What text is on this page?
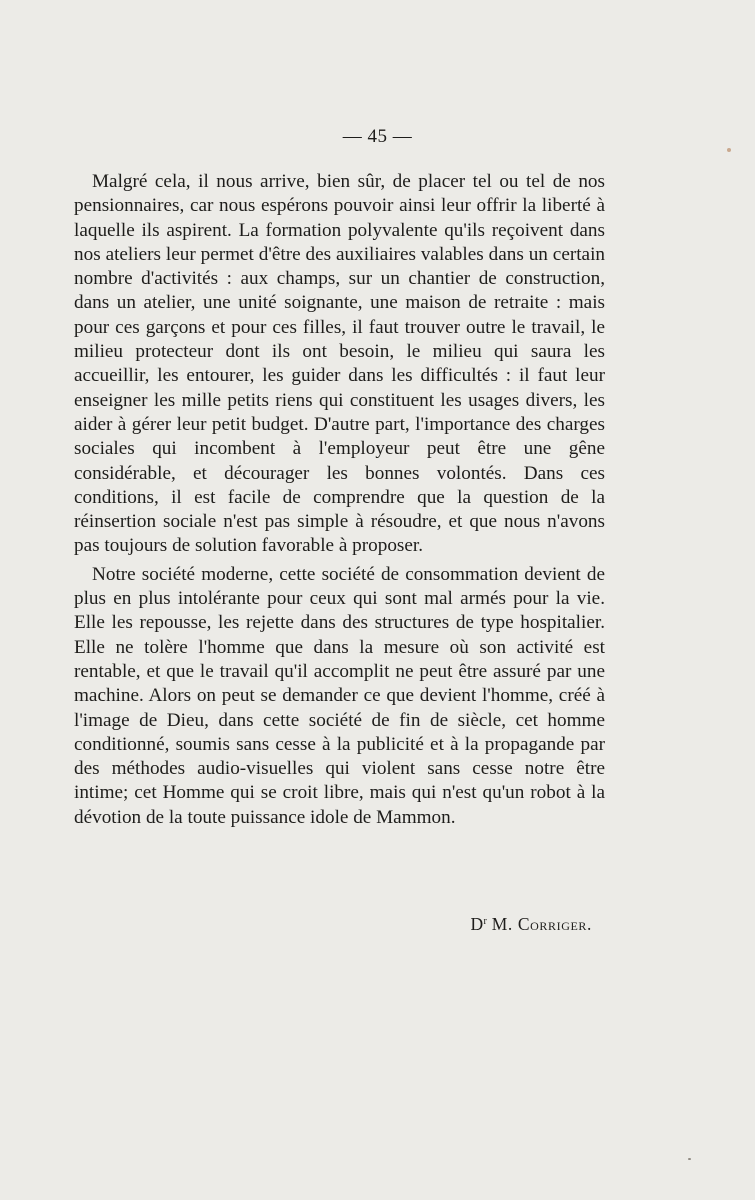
— 45 —

Malgré cela, il nous arrive, bien sûr, de placer tel ou tel de nos pensionnaires, car nous espérons pouvoir ainsi leur offrir la liberté à laquelle ils aspirent. La formation polyvalente qu'ils reçoivent dans nos ateliers leur permet d'être des auxiliaires valables dans un certain nombre d'activités : aux champs, sur un chantier de construction, dans un atelier, une unité soignante, une maison de retraite : mais pour ces garçons et pour ces filles, il faut trouver outre le travail, le milieu protecteur dont ils ont besoin, le milieu qui saura les accueillir, les entourer, les guider dans les difficultés : il faut leur enseigner les mille petits riens qui constituent les usages divers, les aider à gérer leur petit budget. D'autre part, l'importance des charges sociales qui incombent à l'employeur peut être une gêne considérable, et décourager les bonnes volontés. Dans ces conditions, il est facile de comprendre que la question de la réinsertion sociale n'est pas simple à résoudre, et que nous n'avons pas toujours de solution favorable à proposer.

Notre société moderne, cette société de consommation devient de plus en plus intolérante pour ceux qui sont mal armés pour la vie. Elle les repousse, les rejette dans des structures de type hospitalier. Elle ne tolère l'homme que dans la mesure où son activité est rentable, et que le travail qu'il accomplit ne peut être assuré par une machine. Alors on peut se demander ce que devient l'homme, créé à l'image de Dieu, dans cette société de fin de siècle, cet homme conditionné, soumis sans cesse à la publicité et à la propagande par des méthodes audio-visuelles qui violent sans cesse notre être intime; cet Homme qui se croit libre, mais qui n'est qu'un robot à la dévotion de la toute puissance idole de Mammon.

$D^r$ M. Corriger.
